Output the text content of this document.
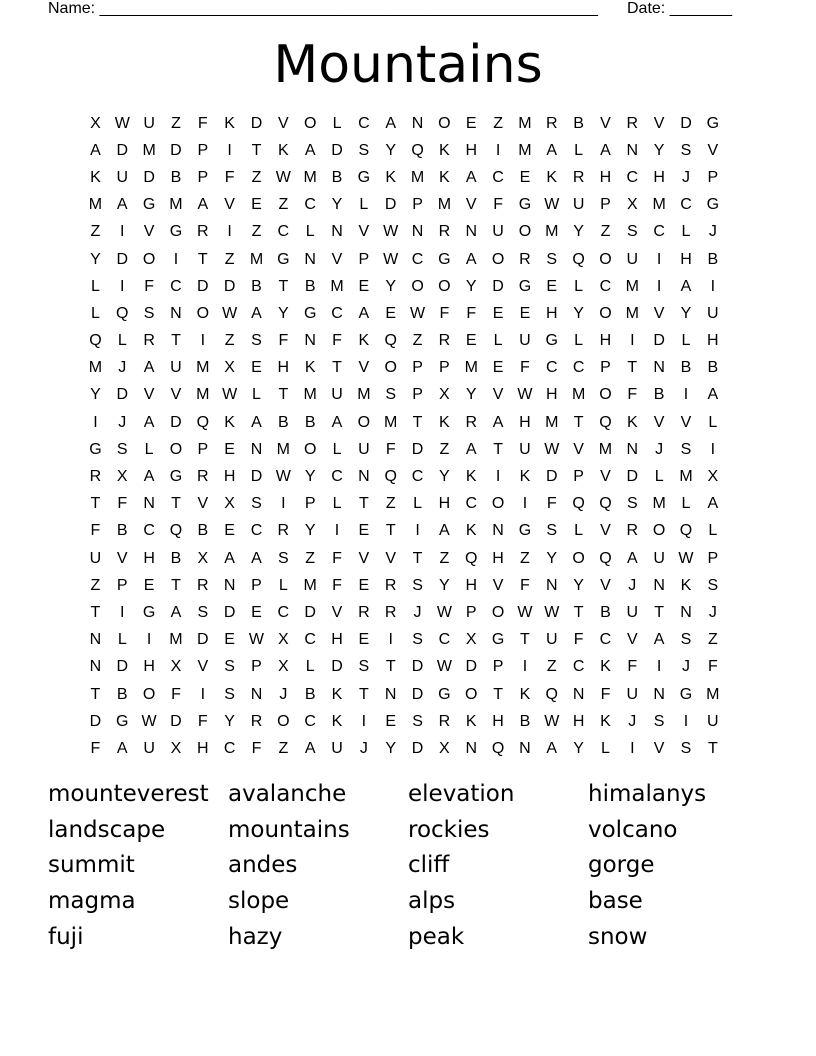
Name: ________________________________________________________ Date: _______
Mountains
X W U	Z	F	K D V O	L	C A N O E	Z M R B	V R V D G
A D M D P	I	T	K	A D S	Y Q K H	I	M A	L	A N Y	S	V
K U D B	P	F	Z W M B G K M K	A C E	K R H C H	J	P
M A G M A	V	E	Z	C Y	L	D P M V	F G W U P	X M C G
Z	I	V G R	I	Z	C	L	N V W N R N U O M Y	Z	S C	L	J
Y D O	I	T	Z M G N V	P W C G A O R S Q O U	I	H B
L	I	F	C D D B	T	B M E	Y O O Y D G E	L	C M	I	A	I
L	Q S N O W A	Y G C A	E W F	F	E	E H Y O M V	Y U
Q	L	R	T	I	Z	S	F	N	F	K Q Z	R E	L	U G	L	H	I	D	L	H
M	J	A U M X	E H K	T	V O P	P M E	F	C C P	T	N B	B
Y D V	V M W L	T M U M S	P	X	Y	V W H M O F	B	I	A
I	J	A D Q K	A	B	B	A O M T	K R A H M T Q K	V	V	L
G S	L	O P	E N M O	L	U	F	D	Z	A	T	U W V M N	J	S	I
R X	A G R H D W Y C N Q C Y	K	I	K D P	V D	L M X
T	F	N	T	V	X	S	I	P	L	T	Z	L	H C O	I	F Q Q S M L	A
F	B C Q B	E C R Y	I	E	T	I	A	K N G S	L	V R O Q	L
U V H B	X	A	A	S	Z	F	V	V	T	Z Q H	Z	Y O Q A U W P
Z	P	E	T	R N P	L M F	E R S	Y H V	F	N Y	V	J	N K	S
T	I	G A	S D E C D V R R	J W P O W W T	B U	T	N	J
N	L	I	M D E W X C H E	I	S C X G T	U	F	C V	A	S	Z
N D H X	V	S	P	X	L	D S	T	D W D P	I	Z	C K	F	I	J	F
T	B O F	I	S N	J	B	K	T	N D G O T	K Q N	F	U N G M
D G W D	F	Y R O C K	I	E	S R K H B W H K	J	S	I	U
F	A U X H C	F	Z	A U	J	Y D X N Q N A	Y	L	I	V	S	T
mounteverest avalanche	elevation	himalanys
landscape	mountains	rockies	volcano
summit	andes	cliff	gorge
magma	slope	alps	base
fuji	hazy	peak	snow
